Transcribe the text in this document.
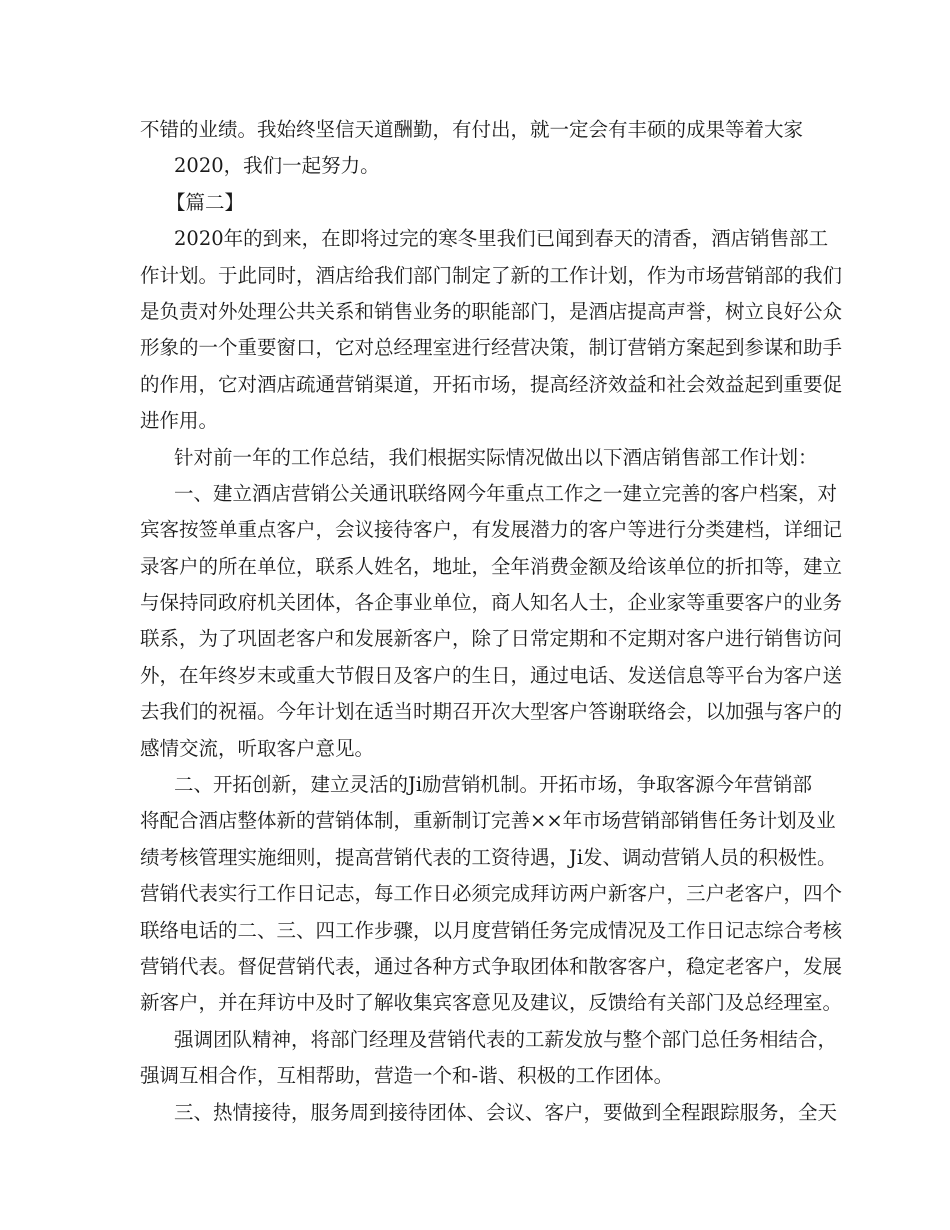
不错的业绩。我始终坚信天道酬勤，有付出，就一定会有丰硕的成果等着大家
2020，我们一起努力。
【篇二】
2020年的到来，在即将过完的寒冬里我们已闻到春天的清香，酒店销售部工
作计划。于此同时，酒店给我们部门制定了新的工作计划，作为市场营销部的我们
是负责对外处理公共关系和销售业务的职能部门，是酒店提高声誉，树立良好公众
形象的一个重要窗口，它对总经理室进行经营决策，制订营销方案起到参谋和助手
的作用，它对酒店疏通营销渠道，开拓市场，提高经济效益和社会效益起到重要促
进作用。
针对前一年的工作总结，我们根据实际情况做出以下酒店销售部工作计划：
一、建立酒店营销公关通讯联络网今年重点工作之一建立完善的客户档案，对
宾客按签单重点客户，会议接待客户，有发展潜力的客户等进行分类建档，详细记
录客户的所在单位，联系人姓名，地址，全年消费金额及给该单位的折扣等，建立
与保持同政府机关团体，各企事业单位，商人知名人士，企业家等重要客户的业务
联系，为了巩固老客户和发展新客户，除了日常定期和不定期对客户进行销售访问
外，在年终岁末或重大节假日及客户的生日，通过电话、发送信息等平台为客户送
去我们的祝福。今年计划在适当时期召开次大型客户答谢联络会，以加强与客户的
感情交流，听取客户意见。
二、开拓创新，建立灵活的Ji励营销机制。开拓市场，争取客源今年营销部
将配合酒店整体新的营销体制，重新制订完善××年市场营销部销售任务计划及业
绩考核管理实施细则，提高营销代表的工资待遇，Ji发、调动营销人员的积极性。
营销代表实行工作日记志，每工作日必须完成拜访两户新客户，三户老客户，四个
联络电话的二、三、四工作步骤，以月度营销任务完成情况及工作日记志综合考核
营销代表。督促营销代表，通过各种方式争取团体和散客客户，稳定老客户，发展
新客户，并在拜访中及时了解收集宾客意见及建议，反馈给有关部门及总经理室。
强调团队精神，将部门经理及营销代表的工薪发放与整个部门总任务相结合，
强调互相合作，互相帮助，营造一个和-谐、积极的工作团体。
三、热情接待，服务周到接待团体、会议、客户，要做到全程跟踪服务，全天
